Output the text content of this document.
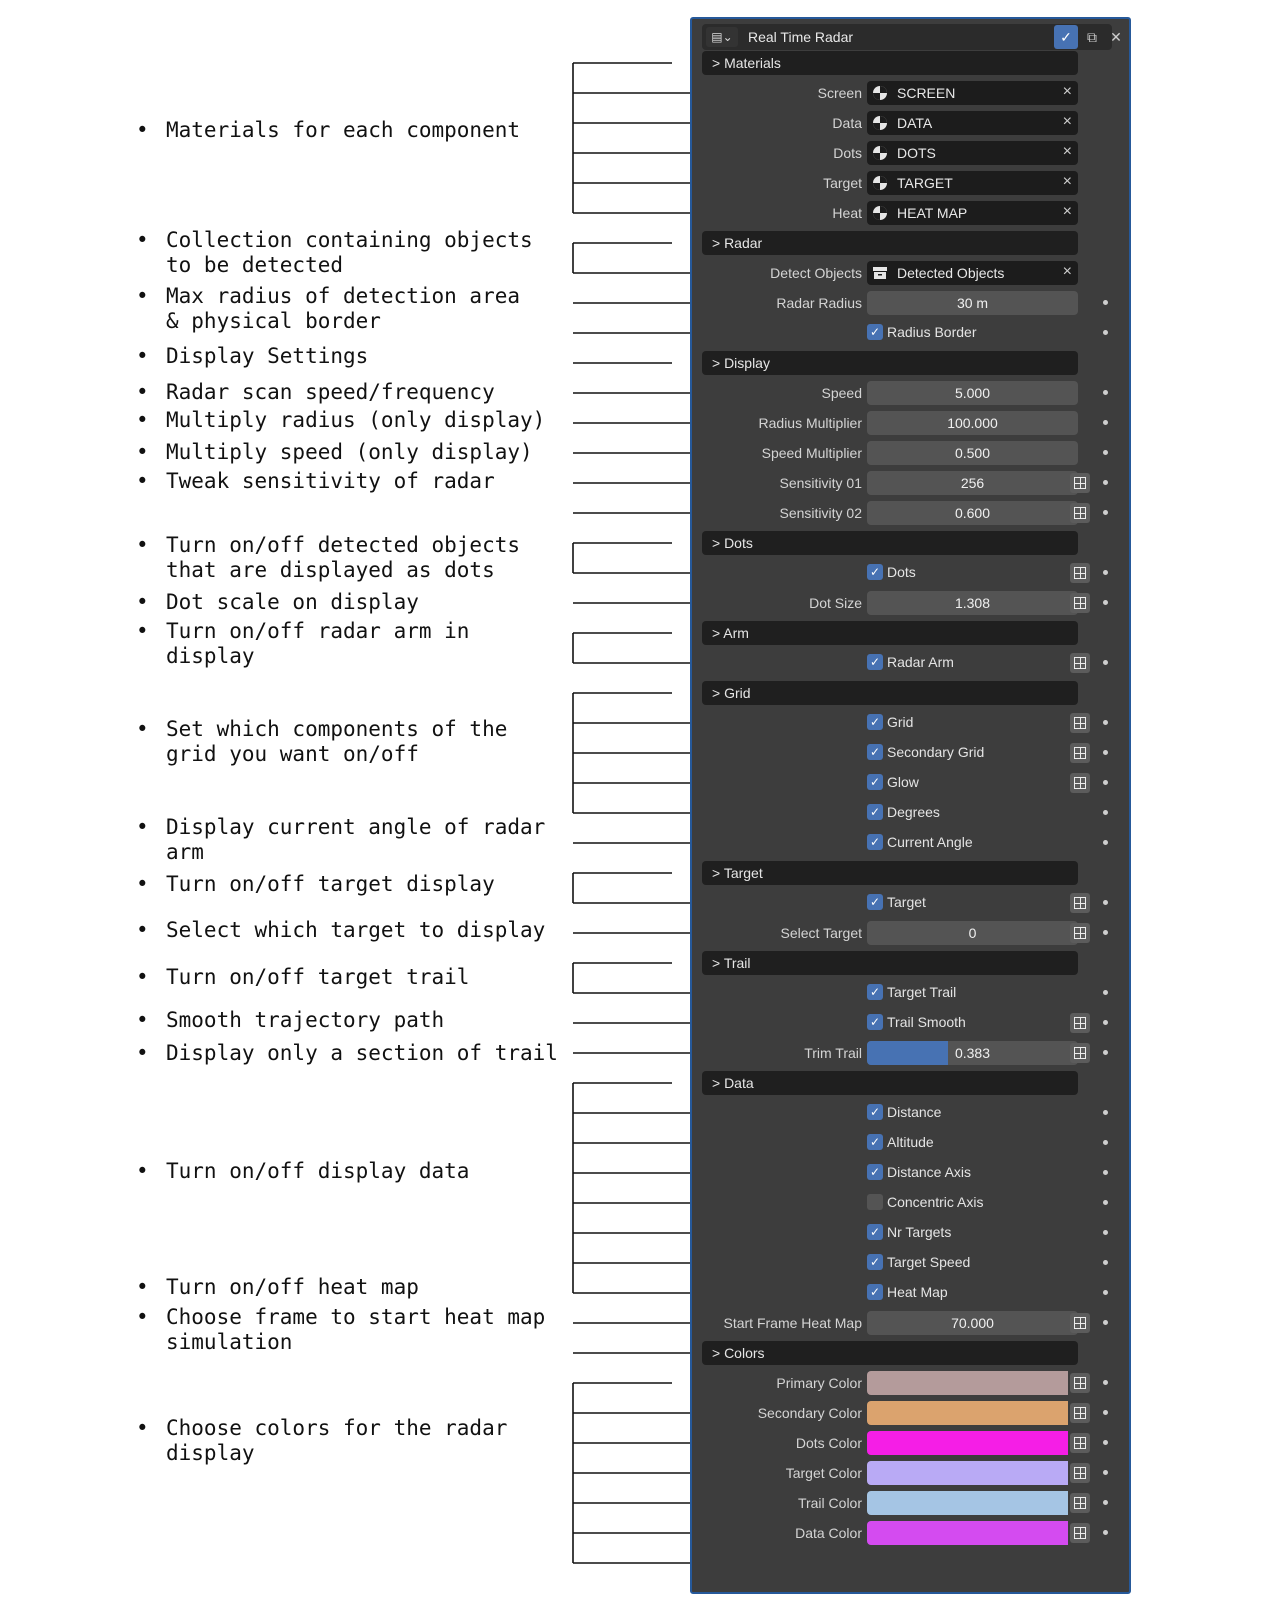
• Materials for each component
• Collection containing objects
to be detected
• Max radius of detection area
& physical border
• Display Settings
• Radar scan speed/frequency
• Multiply radius (only display)
• Multiply speed (only display)
• Tweak sensitivity of radar
• Turn on/off detected objects
that are displayed as dots
• Dot scale on display
• Turn on/off radar arm in
display
• Set which components of the
grid you want on/off
• Display current angle of radar
arm
• Turn on/off target display
• Select which target to display
• Turn on/off target trail
• Smooth trajectory path
• Display only a section of trail
• Turn on/off display data
• Turn on/off heat map
• Choose frame to start heat map
simulation
• Choose colors for the radar
display
▤⌄	Real Time Radar	✓	⧉ ✕
> Materials
Screen	SCREEN	×
Data	DATA	×
Dots	DOTS	×
Target	TARGET	×
Heat	HEAT MAP	×
> Radar
Detect Objects	Detected Objects	×
Radar Radius	30 m
✓ Radius Border
> Display
Speed	5.000
Radius Multiplier	100.000
Speed Multiplier	0.500
Sensitivity 01	256
Sensitivity 02	0.600
> Dots
✓ Dots
Dot Size	1.308
> Arm
✓ Radar Arm
> Grid
✓ Grid
✓ Secondary Grid
✓ Glow
✓ Degrees
✓ Current Angle
> Target
✓ Target
Select Target	0
> Trail
✓ Target Trail
✓ Trail Smooth
Trim Trail	0.383
> Data
✓ Distance
✓ Altitude
✓ Distance Axis
Concentric Axis
✓ Nr Targets
✓ Target Speed
✓ Heat Map
Start Frame Heat Map	70.000
> Colors
Primary Color
Secondary Color
Dots Color
Target Color
Trail Color
Data Color
